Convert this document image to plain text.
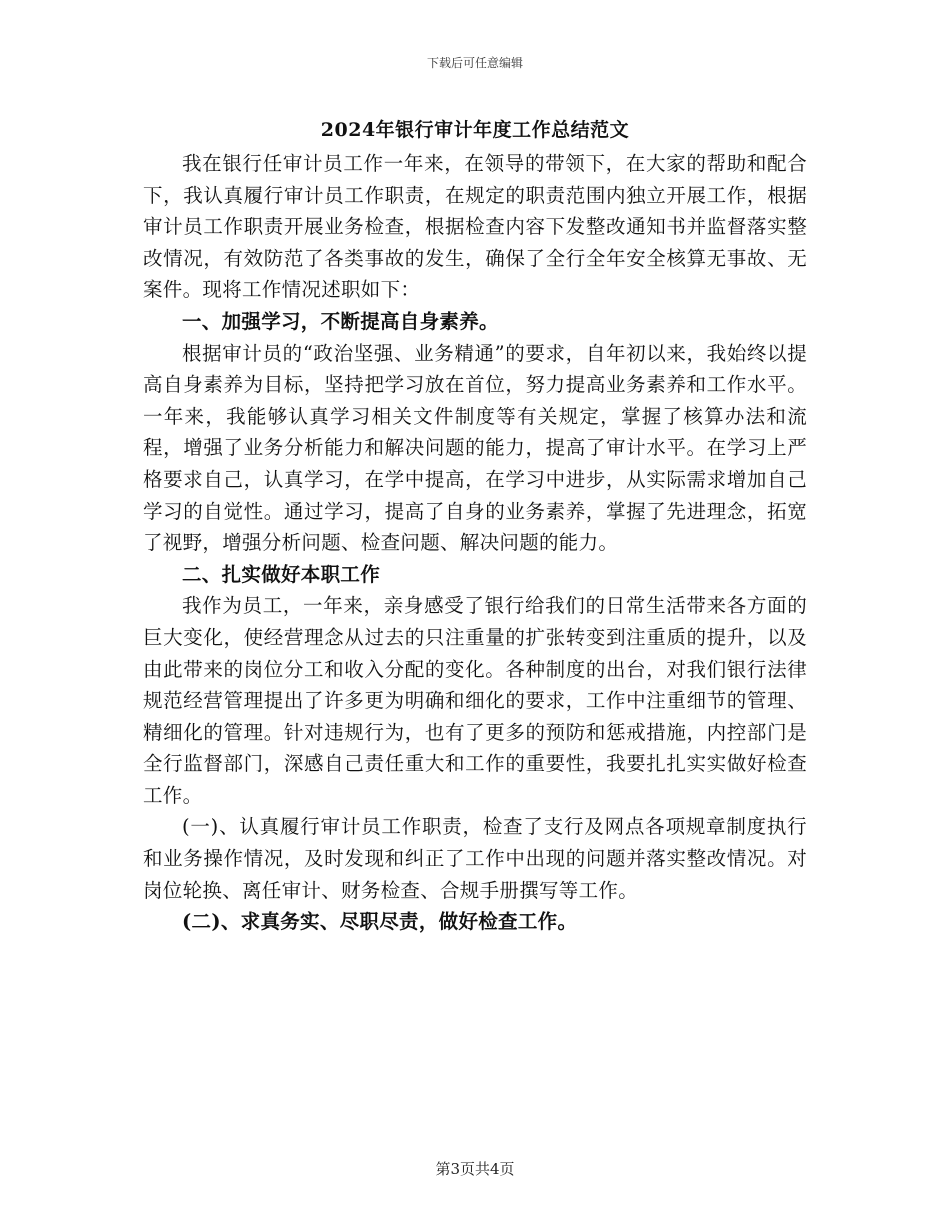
下载后可任意编辑
2024年银行审计年度工作总结范文

我在银行任审计员工作一年来，在领导的带领下，在大家的帮助和配合下，我认真履行审计员工作职责，在规定的职责范围内独立开展工作，根据审计员工作职责开展业务检查，根据检查内容下发整改通知书并监督落实整改情况，有效防范了各类事故的发生，确保了全行全年安全核算无事故、无案件。现将工作情况述职如下：

一、加强学习，不断提高自身素养。

根据审计员的“政治坚强、业务精通”的要求，自年初以来，我始终以提高自身素养为目标，坚持把学习放在首位，努力提高业务素养和工作水平。一年来，我能够认真学习相关文件制度等有关规定，掌握了核算办法和流程，增强了业务分析能力和解决问题的能力，提高了审计水平。在学习上严格要求自己，认真学习，在学中提高，在学习中进步，从实际需求增加自己学习的自觉性。通过学习，提高了自身的业务素养，掌握了先进理念，拓宽了视野，增强分析问题、检查问题、解决问题的能力。

二、扎实做好本职工作

我作为员工，一年来，亲身感受了银行给我们的日常生活带来各方面的巨大变化，使经营理念从过去的只注重量的扩张转变到注重质的提升，以及由此带来的岗位分工和收入分配的变化。各种制度的出台，对我们银行法律规范经营管理提出了许多更为明确和细化的要求，工作中注重细节的管理、精细化的管理。针对违规行为，也有了更多的预防和惩戒措施，内控部门是全行监督部门，深感自己责任重大和工作的重要性，我要扎扎实实做好检查工作。

(一)、认真履行审计员工作职责，检查了支行及网点各项规章制度执行和业务操作情况，及时发现和纠正了工作中出现的问题并落实整改情况。对岗位轮换、离任审计、财务检查、合规手册撰写等工作。

(二)、求真务实、尽职尽责，做好检查工作。

第3页共4页
